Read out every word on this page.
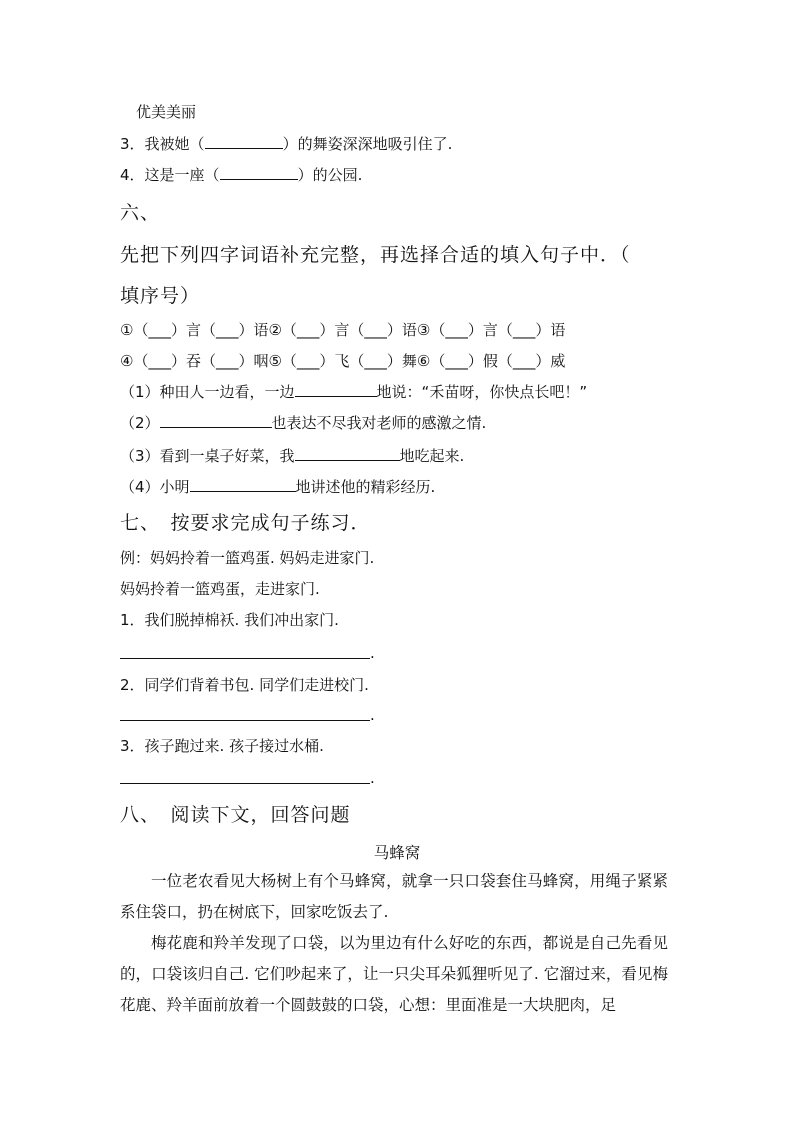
优美美丽
3．我被她（	）的舞姿深深地吸引住了.
4．这是一座（	）的公园.
六、
先把下列四字词语补充完整，再选择合适的填入句子中．（
填序号）
①（___）言（___）语②（___）言（___）语③（___）言（___）语
④（___）吞（___）咽⑤（___）飞（___）舞⑥（___）假（___）威
（1）种田人一边看，一边	地说：“禾苗呀，你快点长吧！”
（2）	也表达不尽我对老师的感激之情.
（3）看到一桌子好菜，我	地吃起来.
（4）小明	地讲述他的精彩经历.
七、　按要求完成句子练习．
例：妈妈拎着一篮鸡蛋. 妈妈走进家门.
妈妈拎着一篮鸡蛋，走进家门.
1．我们脱掉棉袄. 我们冲出家门.
.
2．同学们背着书包. 同学们走进校门.
.
3．孩子跑过来. 孩子接过水桶.
.
八、　阅读下文，回答问题
马蜂窝
一位老农看见大杨树上有个马蜂窝，就拿一只口袋套住马蜂窝，用绳子紧紧系住袋口，扔在树底下，回家吃饭去了.
梅花鹿和羚羊发现了口袋，以为里边有什么好吃的东西，都说是自己先看见的，口袋该归自己. 它们吵起来了，让一只尖耳朵狐狸听见了. 它溜过来，看见梅花鹿、羚羊面前放着一个圆鼓鼓的口袋，心想：里面准是一大块肥肉，足
